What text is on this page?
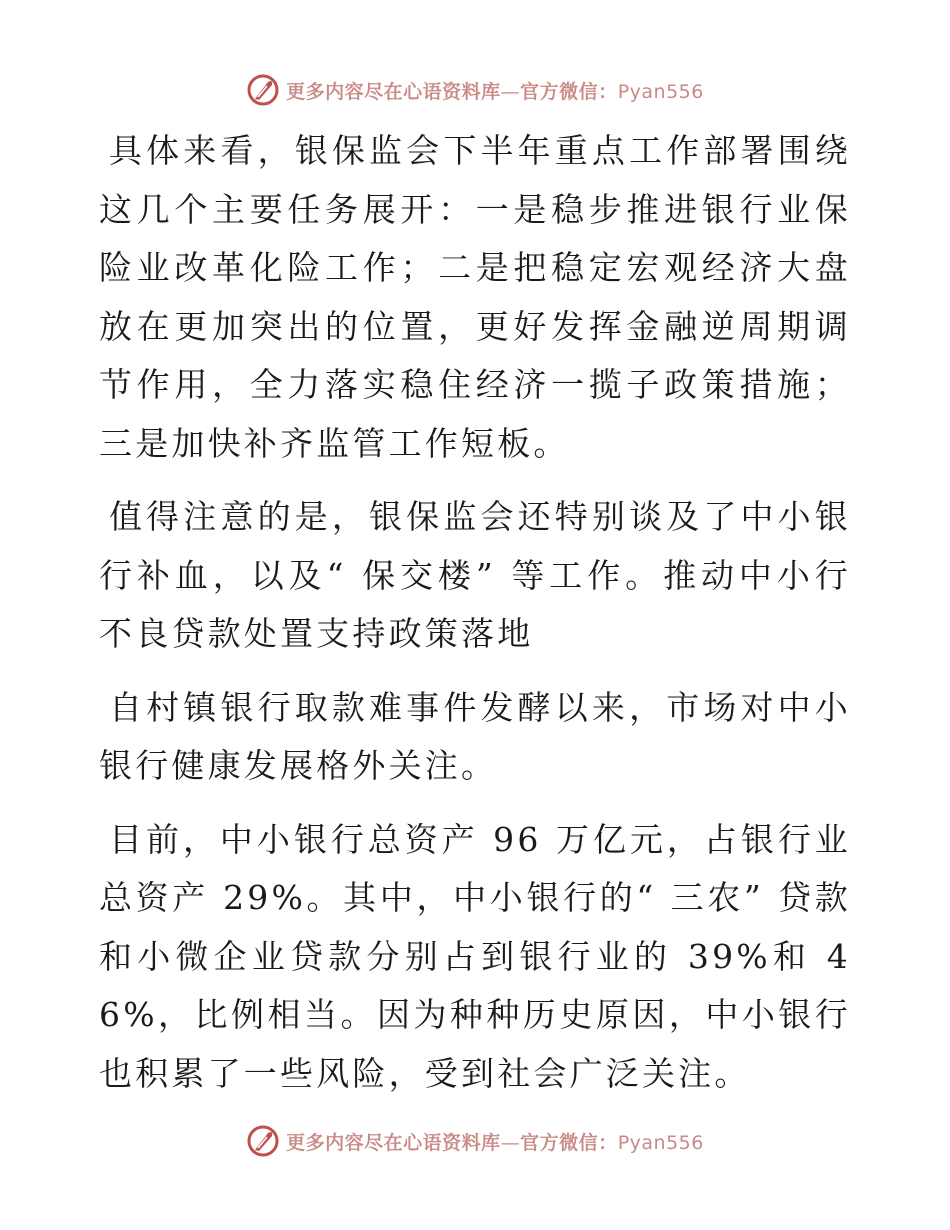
更多内容尽在心语资料库—官方微信：Pyan556

具体来看，银保监会下半年重点工作部署围绕这几个主要任务展开：一是稳步推进银行业保险业改革化险工作；二是把稳定宏观经济大盘放在更加突出的位置，更好发挥金融逆周期调节作用，全力落实稳住经济一揽子政策措施；三是加快补齐监管工作短板。

值得注意的是，银保监会还特别谈及了中小银行补血，以及“ 保交楼” 等工作。推动中小行不良贷款处置支持政策落地

自村镇银行取款难事件发酵以来，市场对中小银行健康发展格外关注。

目前，中小银行总资产 96 万亿元，占银行业总资产 29%。其中，中小银行的“ 三农” 贷款和小微企业贷款分别占到银行业的 39%和 46%，比例相当。因为种种历史原因，中小银行也积累了一些风险，受到社会广泛关注。

更多内容尽在心语资料库—官方微信：Pyan556
